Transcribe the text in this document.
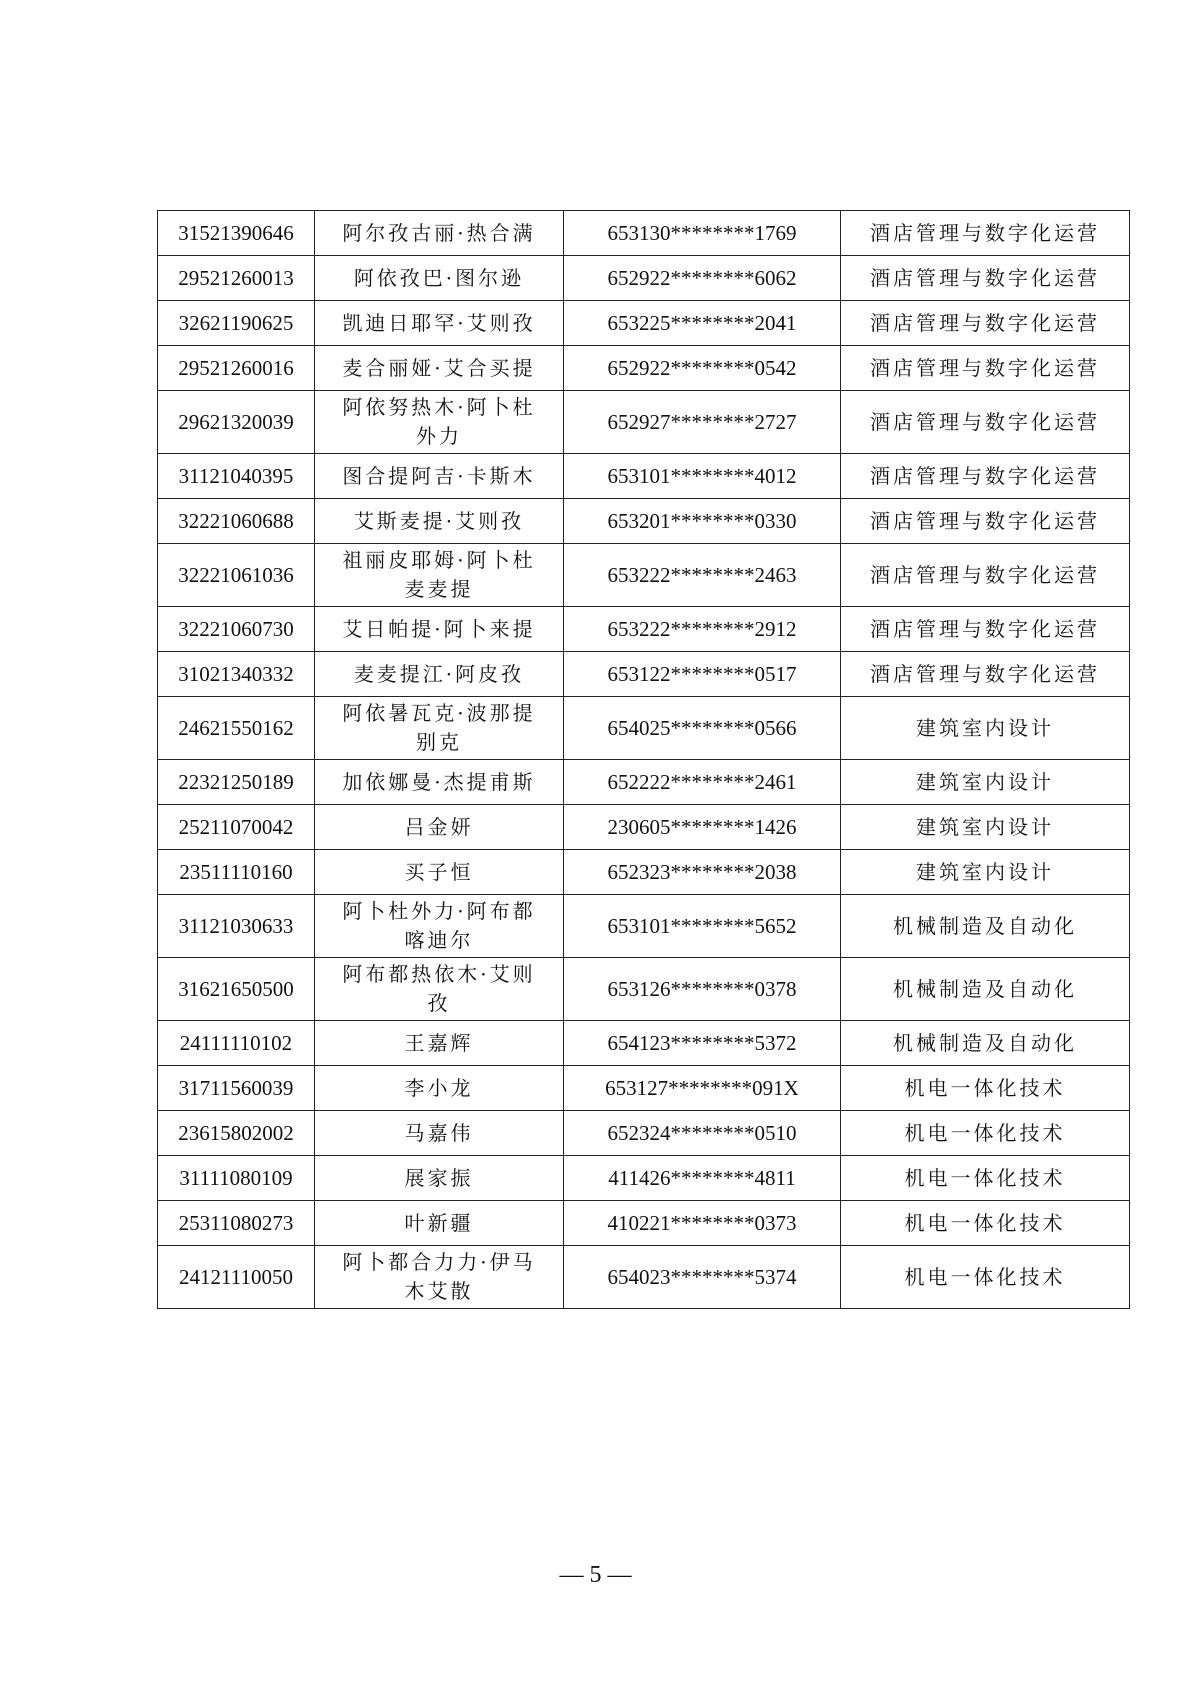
31521390646	阿尔孜古丽·热合满	653130********1769	酒店管理与数字化运营
29521260013	阿依孜巴·图尔逊	652922********6062	酒店管理与数字化运营
32621190625	凯迪日耶罕·艾则孜	653225********2041	酒店管理与数字化运营
29521260016	麦合丽娅·艾合买提	652922********0542	酒店管理与数字化运营
29621320039	阿依努热木·阿卜杜外力	652927********2727	酒店管理与数字化运营
31121040395	图合提阿吉·卡斯木	653101********4012	酒店管理与数字化运营
32221060688	艾斯麦提·艾则孜	653201********0330	酒店管理与数字化运营
32221061036	祖丽皮耶姆·阿卜杜麦麦提	653222********2463	酒店管理与数字化运营
32221060730	艾日帕提·阿卜来提	653222********2912	酒店管理与数字化运营
31021340332	麦麦提江·阿皮孜	653122********0517	酒店管理与数字化运营
24621550162	阿依暑瓦克·波那提别克	654025********0566	建筑室内设计
22321250189	加依娜曼·杰提甫斯	652222********2461	建筑室内设计
25211070042	吕金妍	230605********1426	建筑室内设计
23511110160	买子恒	652323********2038	建筑室内设计
31121030633	阿卜杜外力·阿布都喀迪尔	653101********5652	机械制造及自动化
31621650500	阿布都热依木·艾则孜	653126********0378	机械制造及自动化
24111110102	王嘉辉	654123********5372	机械制造及自动化
31711560039	李小龙	653127********091X	机电一体化技术
23615802002	马嘉伟	652324********0510	机电一体化技术
31111080109	展家振	411426********4811	机电一体化技术
25311080273	叶新疆	410221********0373	机电一体化技术
24121110050	阿卜都合力力·伊马木艾散	654023********5374	机电一体化技术
— 5 —
